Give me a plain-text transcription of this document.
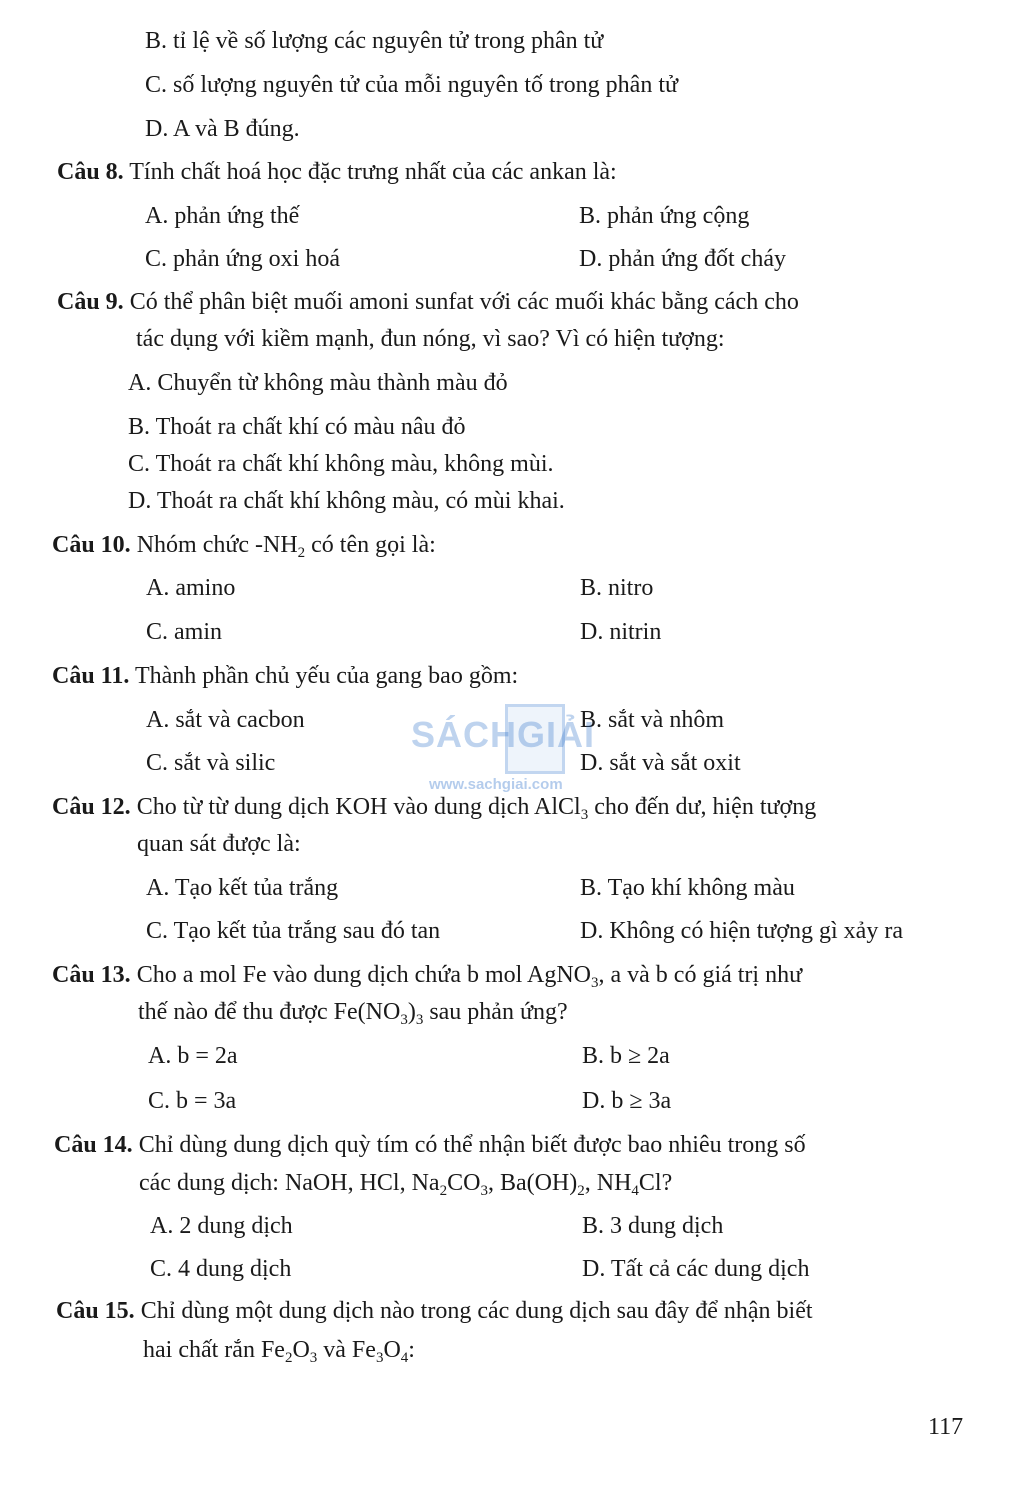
B. tỉ lệ về số lượng các nguyên tử trong phân tử
C. số lượng nguyên tử của mỗi nguyên tố trong phân tử
D. A và B đúng.
Câu 8. Tính chất hoá học đặc trưng nhất của các ankan là:
A. phản ứng thế	B. phản ứng cộng
C. phản ứng oxi hoá	D. phản ứng đốt cháy
Câu 9. Có thể phân biệt muối amoni sunfat với các muối khác bằng cách cho
tác dụng với kiềm mạnh, đun nóng, vì sao? Vì có hiện tượng:
A. Chuyển từ không màu thành màu đỏ
B. Thoát ra chất khí có màu nâu đỏ
C. Thoát ra chất khí không màu, không mùi.
D. Thoát ra chất khí không màu, có mùi khai.
Câu 10. Nhóm chức $-NH_2$ có tên gọi là:
A. amino	B. nitro
C. amin	D. nitrin
Câu 11. Thành phần chủ yếu của gang bao gồm:
A. sắt và cacbon	B. sắt và nhôm
C. sắt và silic	D. sắt và sắt oxit
SÁCHGIẢI
www.sachgiai.com
Câu 12. Cho từ từ dung dịch KOH vào dung dịch AlCl$_3$ cho đến dư, hiện tượng
quan sát được là:
A. Tạo kết tủa trắng	B. Tạo khí không màu
C. Tạo kết tủa trắng sau đó tan	D. Không có hiện tượng gì xảy ra
Câu 13. Cho a mol Fe vào dung dịch chứa b mol AgNO$_3$, a và b có giá trị như
thế nào để thu được $Fe(NO_3)_3$ sau phản ứng?
A. b = 2a	B. b ≥ 2a
C. b = 3a	D. b ≥ 3a
Câu 14. Chỉ dùng dung dịch quỳ tím có thể nhận biết được bao nhiêu trong số
các dung dịch: NaOH, HCl, $Na_2CO_3$, $Ba(OH)_2$, $NH_4Cl$?
A. 2 dung dịch	B. 3 dung dịch
C. 4 dung dịch	D. Tất cả các dung dịch
Câu 15. Chỉ dùng một dung dịch nào trong các dung dịch sau đây để nhận biết
hai chất rắn $Fe_2O_3$ và $Fe_3O_4$:
117
